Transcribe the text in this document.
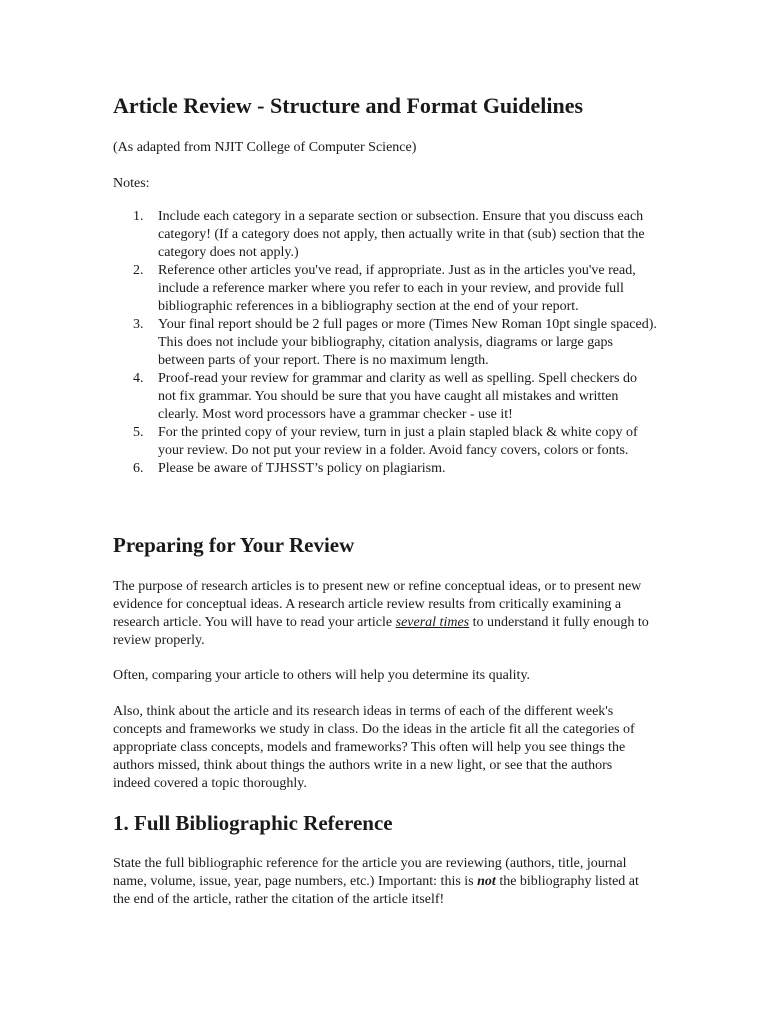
Article Review - Structure and Format Guidelines

(As adapted from NJIT College of Computer Science)

Notes:

1. Include each category in a separate section or subsection. Ensure that you discuss each category! (If a category does not apply, then actually write in that (sub) section that the category does not apply.)
2. Reference other articles you've read, if appropriate. Just as in the articles you've read, include a reference marker where you refer to each in your review, and provide full bibliographic references in a bibliography section at the end of your report.
3. Your final report should be 2 full pages or more (Times New Roman 10pt single spaced). This does not include your bibliography, citation analysis, diagrams or large gaps between parts of your report. There is no maximum length.
4. Proof-read your review for grammar and clarity as well as spelling. Spell checkers do not fix grammar. You should be sure that you have caught all mistakes and written clearly. Most word processors have a grammar checker - use it!
5. For the printed copy of your review, turn in just a plain stapled black & white copy of your review. Do not put your review in a folder. Avoid fancy covers, colors or fonts.
6. Please be aware of TJHSST’s policy on plagiarism.
Preparing for Your Review

The purpose of research articles is to present new or refine conceptual ideas, or to present new evidence for conceptual ideas. A research article review results from critically examining a research article. You will have to read your article several times to understand it fully enough to review properly.

Often, comparing your article to others will help you determine its quality.

Also, think about the article and its research ideas in terms of each of the different week's concepts and frameworks we study in class. Do the ideas in the article fit all the categories of appropriate class concepts, models and frameworks? This often will help you see things the authors missed, think about things the authors write in a new light, or see that the authors indeed covered a topic thoroughly.

1. Full Bibliographic Reference

State the full bibliographic reference for the article you are reviewing (authors, title, journal name, volume, issue, year, page numbers, etc.) Important: this is not the bibliography listed at the end of the article, rather the citation of the article itself!
